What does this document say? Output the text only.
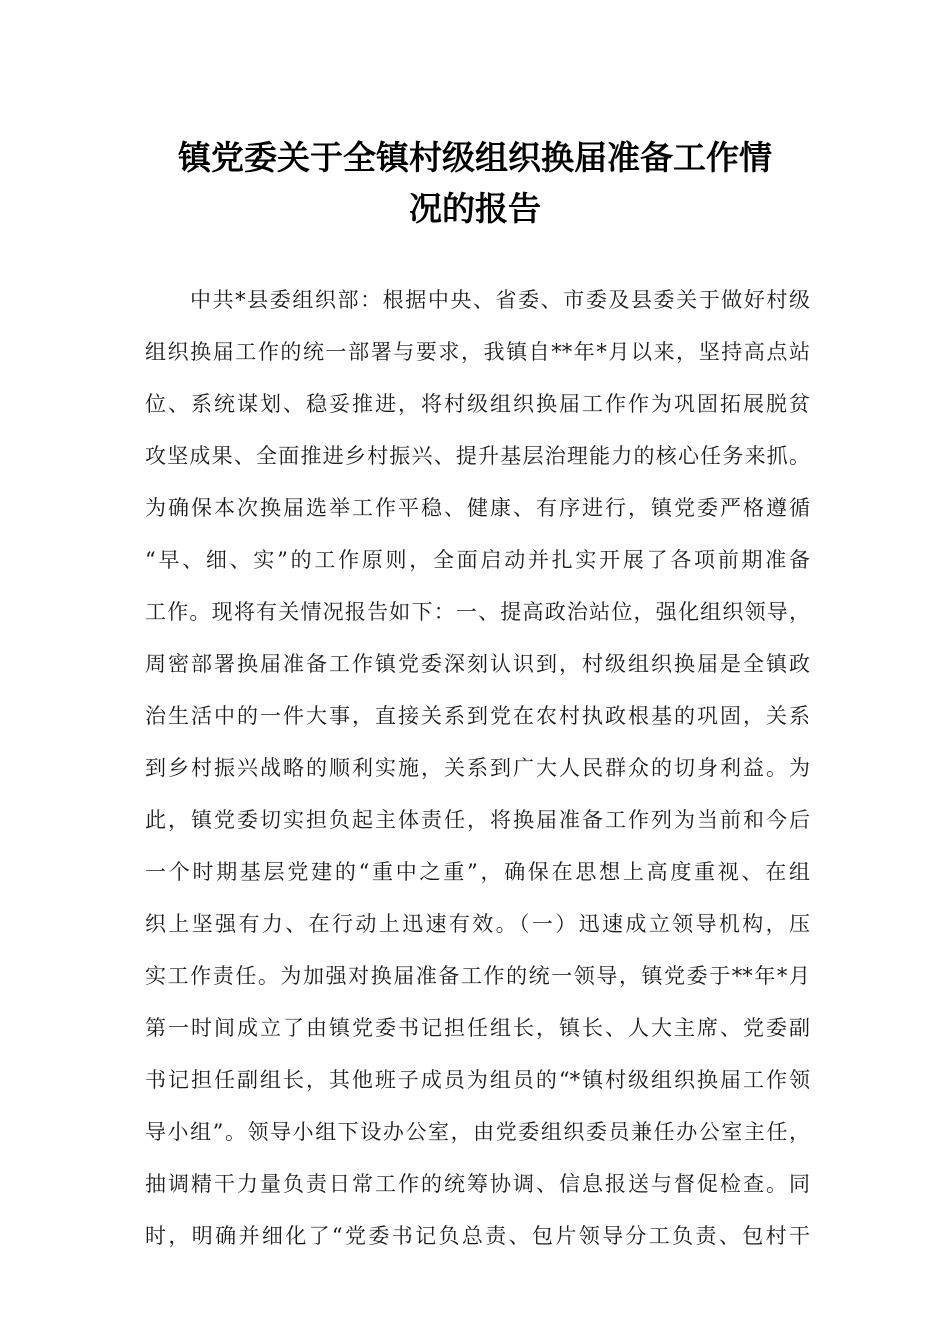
镇党委关于全镇村级组织换届准备工作情
况的报告

中共*县委组织部：根据中央、省委、市委及县委关于做好村级

组织换届工作的统一部署与要求，我镇自**年*月以来，坚持高点站

位、系统谋划、稳妥推进，将村级组织换届工作作为巩固拓展脱贫

攻坚成果、全面推进乡村振兴、提升基层治理能力的核心任务来抓。

为确保本次换届选举工作平稳、健康、有序进行，镇党委严格遵循

“早、细、实”的工作原则，全面启动并扎实开展了各项前期准备

工作。现将有关情况报告如下：一、提高政治站位，强化组织领导，

周密部署换届准备工作镇党委深刻认识到，村级组织换届是全镇政

治生活中的一件大事，直接关系到党在农村执政根基的巩固，关系

到乡村振兴战略的顺利实施，关系到广大人民群众的切身利益。为

此，镇党委切实担负起主体责任，将换届准备工作列为当前和今后

一个时期基层党建的“重中之重”，确保在思想上高度重视、在组

织上坚强有力、在行动上迅速有效。（一）迅速成立领导机构，压

实工作责任。为加强对换届准备工作的统一领导，镇党委于**年*月

第一时间成立了由镇党委书记担任组长，镇长、人大主席、党委副

书记担任副组长，其他班子成员为组员的“*镇村级组织换届工作领

导小组”。领导小组下设办公室，由党委组织委员兼任办公室主任，

抽调精干力量负责日常工作的统筹协调、信息报送与督促检查。同

时，明确并细化了“党委书记负总责、包片领导分工负责、包村干
